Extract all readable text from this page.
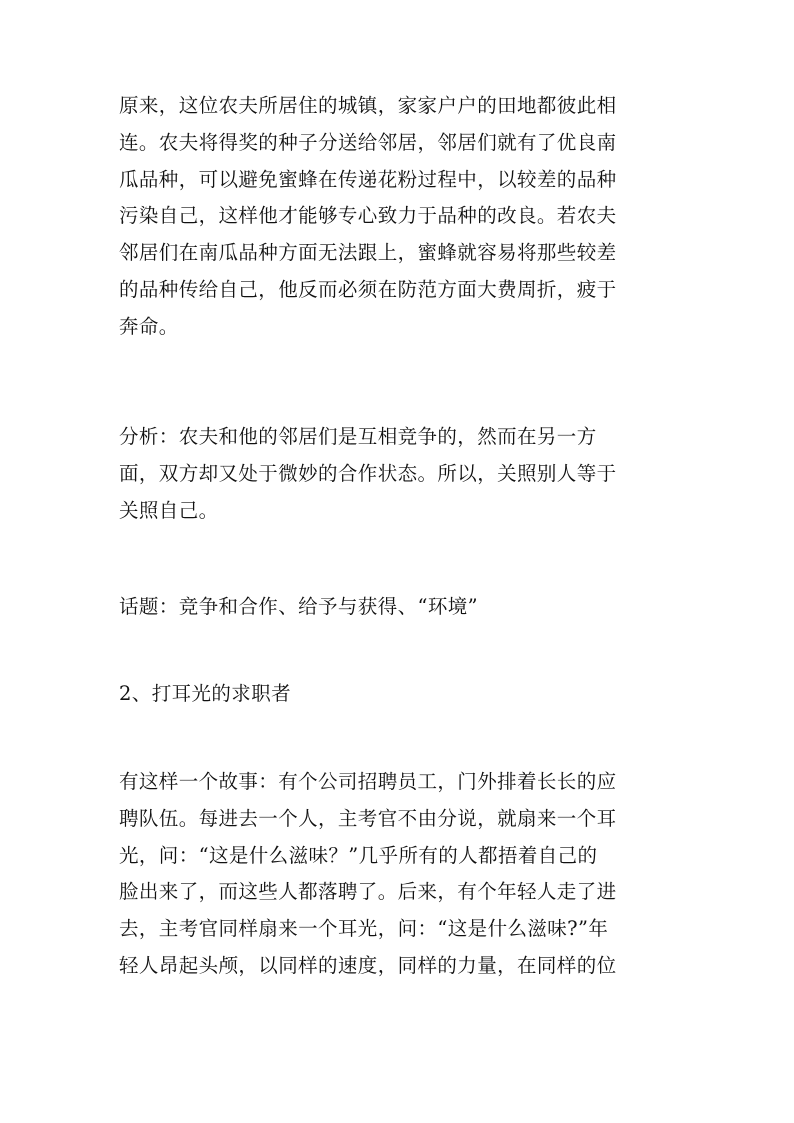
原来，这位农夫所居住的城镇，家家户户的田地都彼此相
连。农夫将得奖的种子分送给邻居，邻居们就有了优良南
瓜品种，可以避免蜜蜂在传递花粉过程中，以较差的品种
污染自己，这样他才能够专心致力于品种的改良。若农夫
邻居们在南瓜品种方面无法跟上，蜜蜂就容易将那些较差
的品种传给自己，他反而必须在防范方面大费周折，疲于
奔命。
分析：农夫和他的邻居们是互相竞争的，然而在另一方
面，双方却又处于微妙的合作状态。所以，关照别人等于
关照自己。
话题：竞争和合作、给予与获得、“环境”
2、打耳光的求职者
有这样一个故事：有个公司招聘员工，门外排着长长的应
聘队伍。每进去一个人，主考官不由分说，就扇来一个耳
光，问：“这是什么滋味？”几乎所有的人都捂着自己的
脸出来了，而这些人都落聘了。后来，有个年轻人走了进
去，主考官同样扇来一个耳光，问：“这是什么滋味?”年
轻人昂起头颅，以同样的速度，同样的力量，在同样的位
